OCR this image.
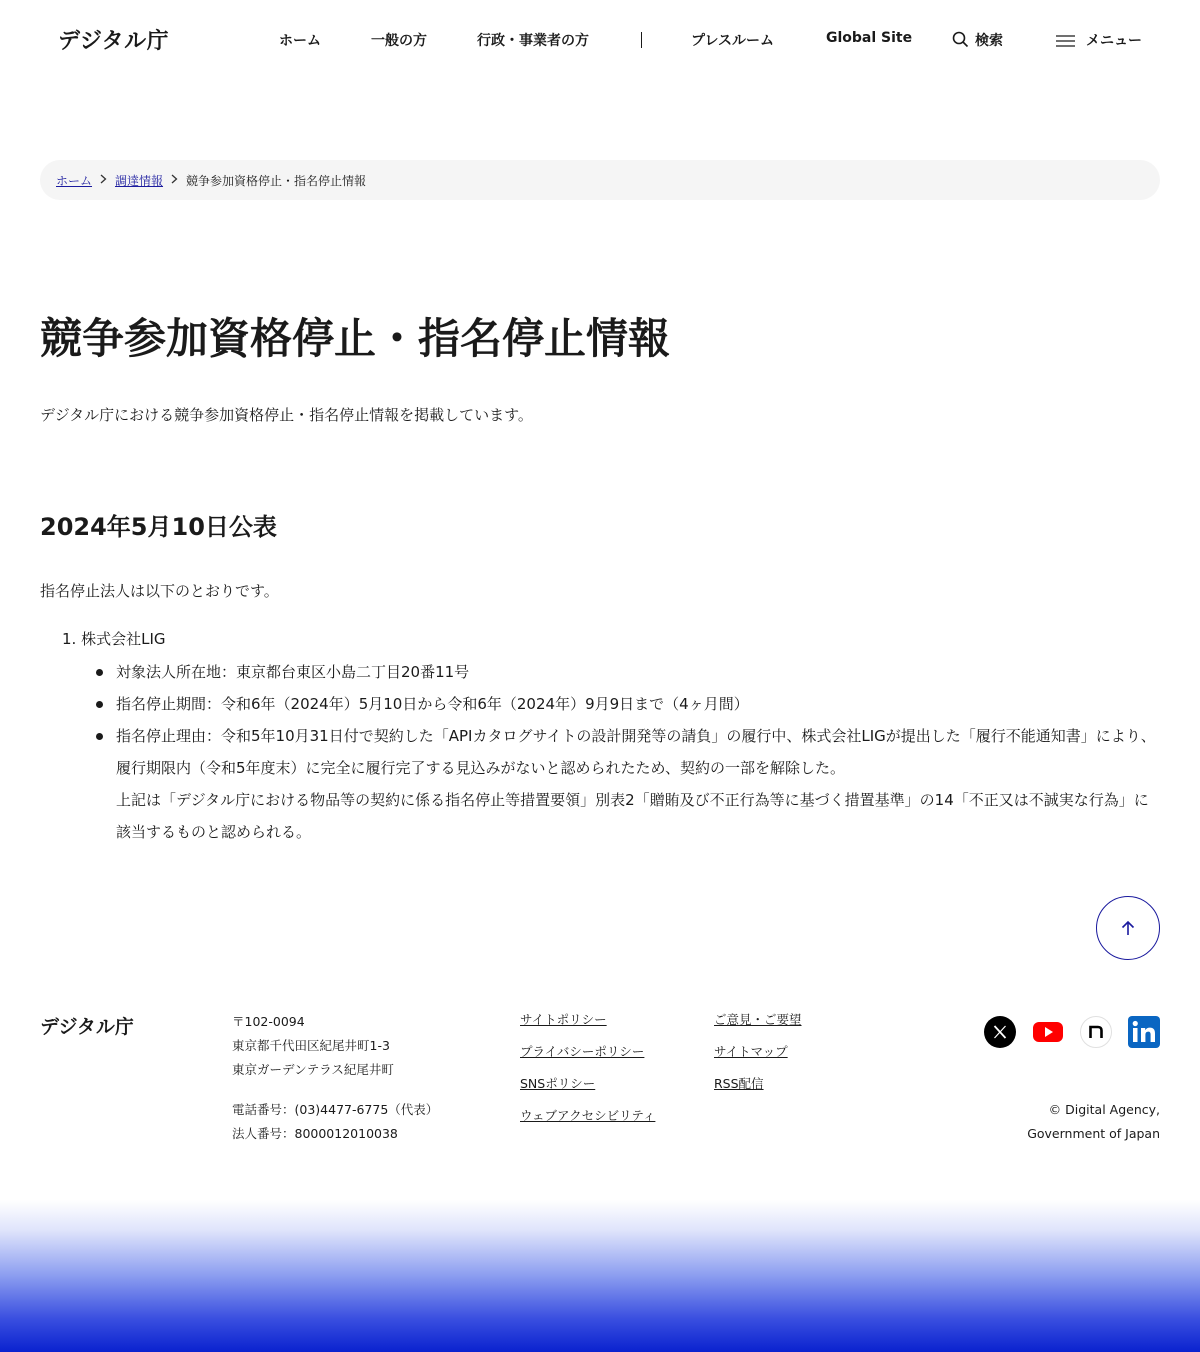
デジタル庁	ホーム	一般の方	行政・事業者の方	プレスルーム	Global Site	検索	メニュー
ホーム 調達情報 競争参加資格停止・指名停止情報
競争参加資格停止・指名停止情報

デジタル庁における競争参加資格停止・指名停止情報を掲載しています。

2024年5月10日公表

指名停止法人は以下のとおりです。

1. 株式会社LIG
対象法人所在地：東京都台東区小島二丁目20番11号
指名停止期間：令和6年（2024年）5月10日から令和6年（2024年）9月9日まで（4ヶ月間）
指名停止理由：令和5年10月31日付で契約した「APIカタログサイトの設計開発等の請負」の履行中、株式会社LIGが提出した「履行不能通知書」により、履行期限内（令和5年度末）に完全に履行完了する見込みがないと認められたため、契約の一部を解除した。
上記は「デジタル庁における物品等の契約に係る指名停止等措置要領」別表2「贈賄及び不正行為等に基づく措置基準」の14「不正又は不誠実な行為」に該当するものと認められる。
デジタル庁	〒102-0094
東京都千代田区紀尾井町1-3
東京ガーデンテラス紀尾井町
電話番号：(03)4477-6775（代表）
法人番号：8000012010038
サイトポリシー
プライバシーポリシー
SNSポリシー
ウェブアクセシビリティ
ご意見・ご要望
サイトマップ
RSS配信
© Digital Agency,
Government of Japan
